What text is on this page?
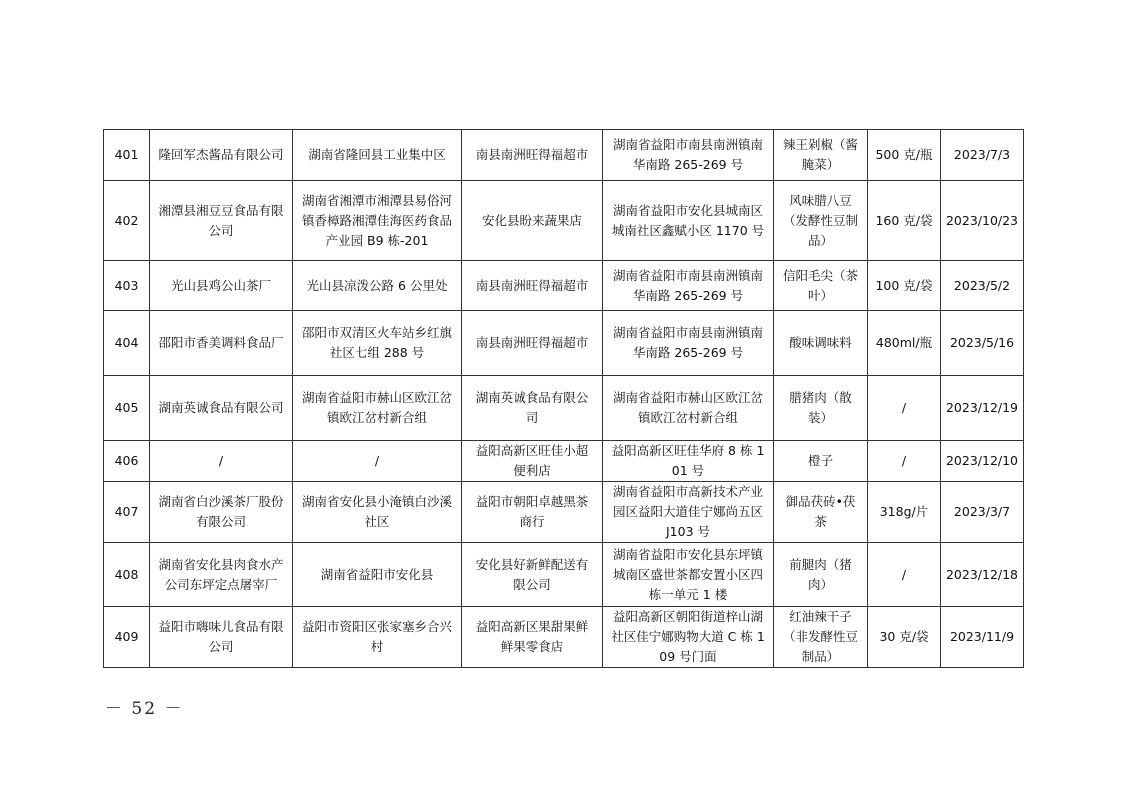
401	隆回军杰酱品有限公司	湖南省隆回县工业集中区	南县南洲旺得福超市	湖南省益阳市南县南洲镇南华南路 265-269 号	辣王剁椒（酱腌菜）	500 克/瓶	2023/7/3
402	湘潭县湘豆豆食品有限公司	湖南省湘潭市湘潭县易俗河镇香樟路湘潭佳海医药食品产业园 B9 栋-201	安化县盼来蔬果店	湖南省益阳市安化县城南区城南社区鑫赋小区 1170 号	风味腊八豆（发酵性豆制品）	160 克/袋	2023/10/23
403	光山县鸡公山茶厂	光山县凉泼公路 6 公里处	南县南洲旺得福超市	湖南省益阳市南县南洲镇南华南路 265-269 号	信阳毛尖（茶叶）	100 克/袋	2023/5/2
404	邵阳市香美调料食品厂	邵阳市双清区火车站乡红旗社区七组 288 号	南县南洲旺得福超市	湖南省益阳市南县南洲镇南华南路 265-269 号	酸味调味料	480ml/瓶	2023/5/16
405	湖南英诚食品有限公司	湖南省益阳市赫山区欧江岔镇欧江岔村新合组	湖南英诚食品有限公司	湖南省益阳市赫山区欧江岔镇欧江岔村新合组	腊猪肉（散装）	/	2023/12/19
406	/	/	益阳高新区旺佳小超便利店	益阳高新区旺佳华府 8 栋 101 号	橙子	/	2023/12/10
407	湖南省白沙溪茶厂股份有限公司	湖南省安化县小淹镇白沙溪社区	益阳市朝阳卓越黑茶商行	湖南省益阳市高新技术产业园区益阳大道佳宁娜尚五区 J103 号	御品茯砖•茯茶	318g/片	2023/3/7
408	湖南省安化县肉食水产公司东坪定点屠宰厂	湖南省益阳市安化县	安化县好新鲜配送有限公司	湖南省益阳市安化县东坪镇城南区盛世茶都安置小区四栋一单元 1 楼	前腿肉（猪肉）	/	2023/12/18
409	益阳市嗨味儿食品有限公司	益阳市资阳区张家塞乡合兴村	益阳高新区果甜果鲜鲜果零食店	益阳高新区朝阳街道梓山湖社区佳宁娜购物大道 C 栋 109 号门面	红油辣干子（非发酵性豆制品）	30 克/袋	2023/11/9
－ 52 －
